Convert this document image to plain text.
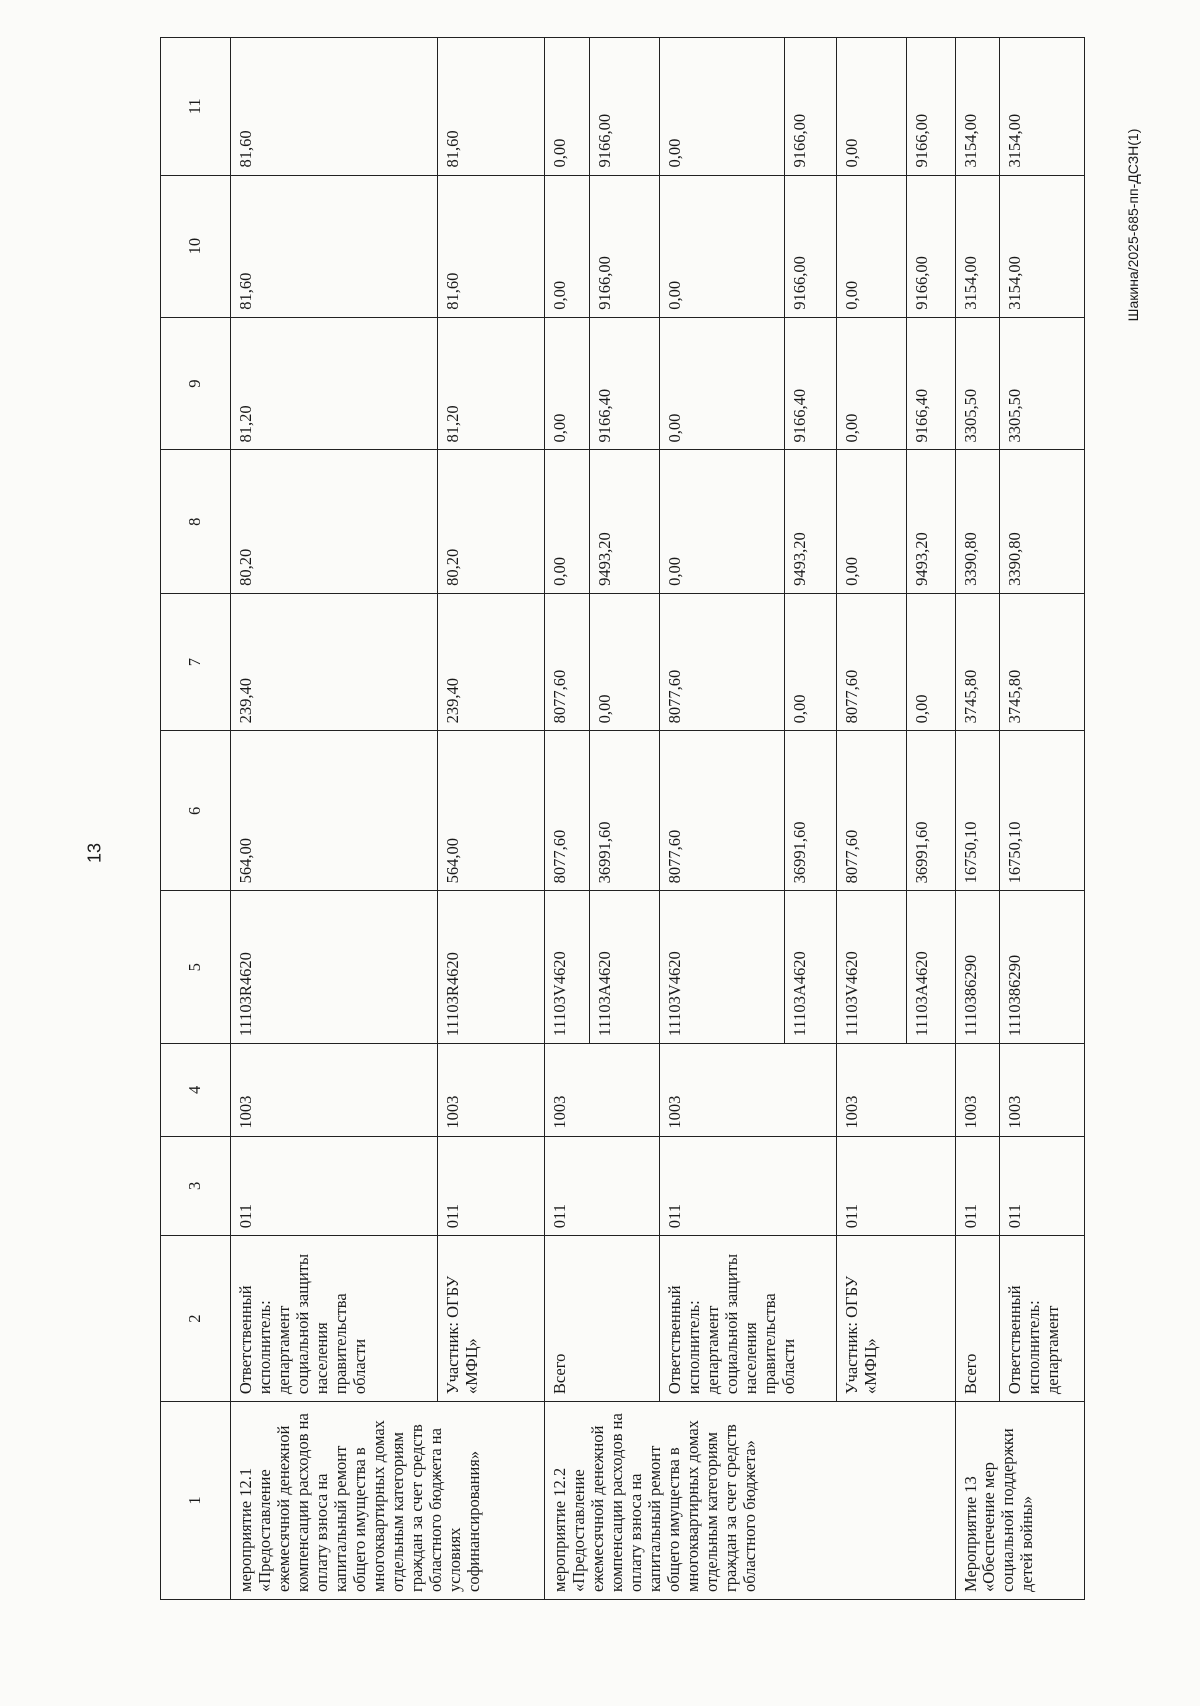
13
Шакина/2025-685-пп-ДСЗН(1)
1	2	3	4	5	6	7	8	9	10	11
мероприятие 12.1 «Предоставление ежемесячной денежной компенсации расходов на оплату взноса на капитальный ремонт общего имущества в многоквартирных домах отдельным категориям граждан за счет средств областного бюджета на условиях софинансирования»	Ответственный исполнитель: департамент социальной защиты населения правительства области	011	1003	11103R4620	564,00	239,40	80,20	81,20	81,60	81,60
	Участник: ОГБУ «МФЦ»	011	1003	11103R4620	564,00	239,40	80,20	81,20	81,60	81,60
мероприятие 12.2 «Предоставление ежемесячной денежной компенсации расходов на оплату взноса на капитальный ремонт общего имущества в многоквартирных домах отдельным категориям граждан за счет средств областного бюджета»	Всего	011	1003	11103V4620	8077,60	8077,60	0,00	0,00	0,00	0,00
				11103A4620	36991,60	0,00	9493,20	9166,40	9166,00	9166,00
	Ответственный исполнитель: департамент социальной защиты населения правительства области	011	1003	11103V4620	8077,60	8077,60	0,00	0,00	0,00	0,00
				11103A4620	36991,60	0,00	9493,20	9166,40	9166,00	9166,00
	Участник: ОГБУ «МФЦ»	011	1003	11103V4620	8077,60	8077,60	0,00	0,00	0,00	0,00
				11103A4620	36991,60	0,00	9493,20	9166,40	9166,00	9166,00
Мероприятие 13 «Обеспечение мер социальной поддержки детей войны»	Всего	011	1003	1110386290	16750,10	3745,80	3390,80	3305,50	3154,00	3154,00
	Ответственный исполнитель: департамент	011	1003	1110386290	16750,10	3745,80	3390,80	3305,50	3154,00	3154,00
